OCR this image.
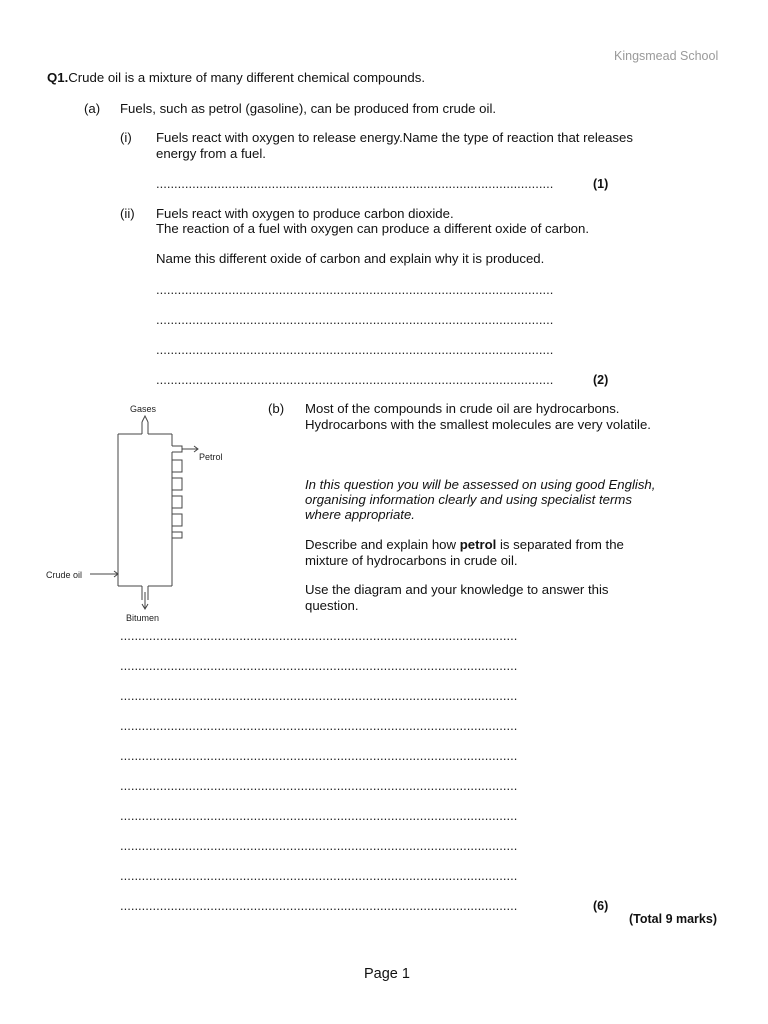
Kingsmead School
Q1.Crude oil is a mixture of many different chemical compounds.
(a) Fuels, such as petrol (gasoline), can be produced from crude oil.
(i) Fuels react with oxygen to release energy.Name the type of reaction that releases
energy from a fuel.
..............................................................................................................	(1)
(ii) Fuels react with oxygen to produce carbon dioxide.
The reaction of a fuel with oxygen can produce a different oxide of carbon.
Name this different oxide of carbon and explain why it is produced.
..............................................................................................................
..............................................................................................................
..............................................................................................................
..............................................................................................................	(2)
Gases
Petrol
Crude oil
Bitumen
(b) Most of the compounds in crude oil are hydrocarbons.
Hydrocarbons with the smallest molecules are very volatile.
In this question you will be assessed on using good English,
organising information clearly and using specialist terms
where appropriate.
Describe and explain how petrol is separated from the
mixture of hydrocarbons in crude oil.
Use the diagram and your knowledge to answer this
question.
..............................................................................................................
..............................................................................................................
..............................................................................................................
..............................................................................................................
..............................................................................................................
..............................................................................................................
..............................................................................................................
..............................................................................................................
..............................................................................................................
..............................................................................................................	(6)
(Total 9 marks)
Page 1
